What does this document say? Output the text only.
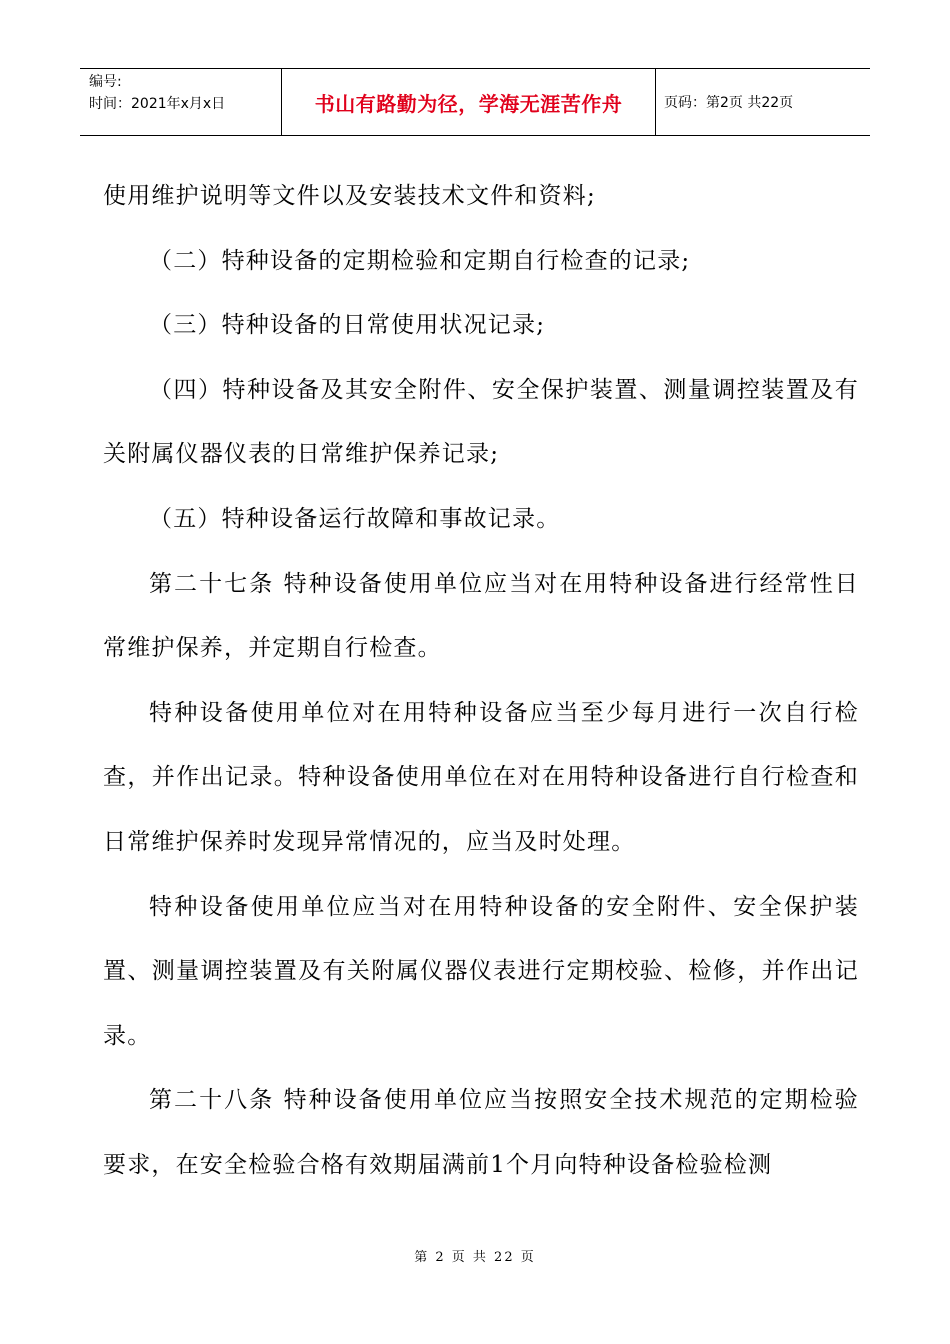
编号:
时间：2021年x月x日	书山有路勤为径，学海无涯苦作舟	页码：第2页 共22页

使用维护说明等文件以及安装技术文件和资料;

（二）特种设备的定期检验和定期自行检查的记录;

（三）特种设备的日常使用状况记录;

（四）特种设备及其安全附件、安全保护装置、测量调控装置及有关附属仪器仪表的日常维护保养记录;

（五）特种设备运行故障和事故记录。

第二十七条 特种设备使用单位应当对在用特种设备进行经常性日常维护保养，并定期自行检查。

特种设备使用单位对在用特种设备应当至少每月进行一次自行检查，并作出记录。特种设备使用单位在对在用特种设备进行自行检查和日常维护保养时发现异常情况的，应当及时处理。

特种设备使用单位应当对在用特种设备的安全附件、安全保护装置、测量调控装置及有关附属仪器仪表进行定期校验、检修，并作出记录。

第二十八条 特种设备使用单位应当按照安全技术规范的定期检验要求，在安全检验合格有效期届满前1个月向特种设备检验检测

第 2 页 共 22 页
